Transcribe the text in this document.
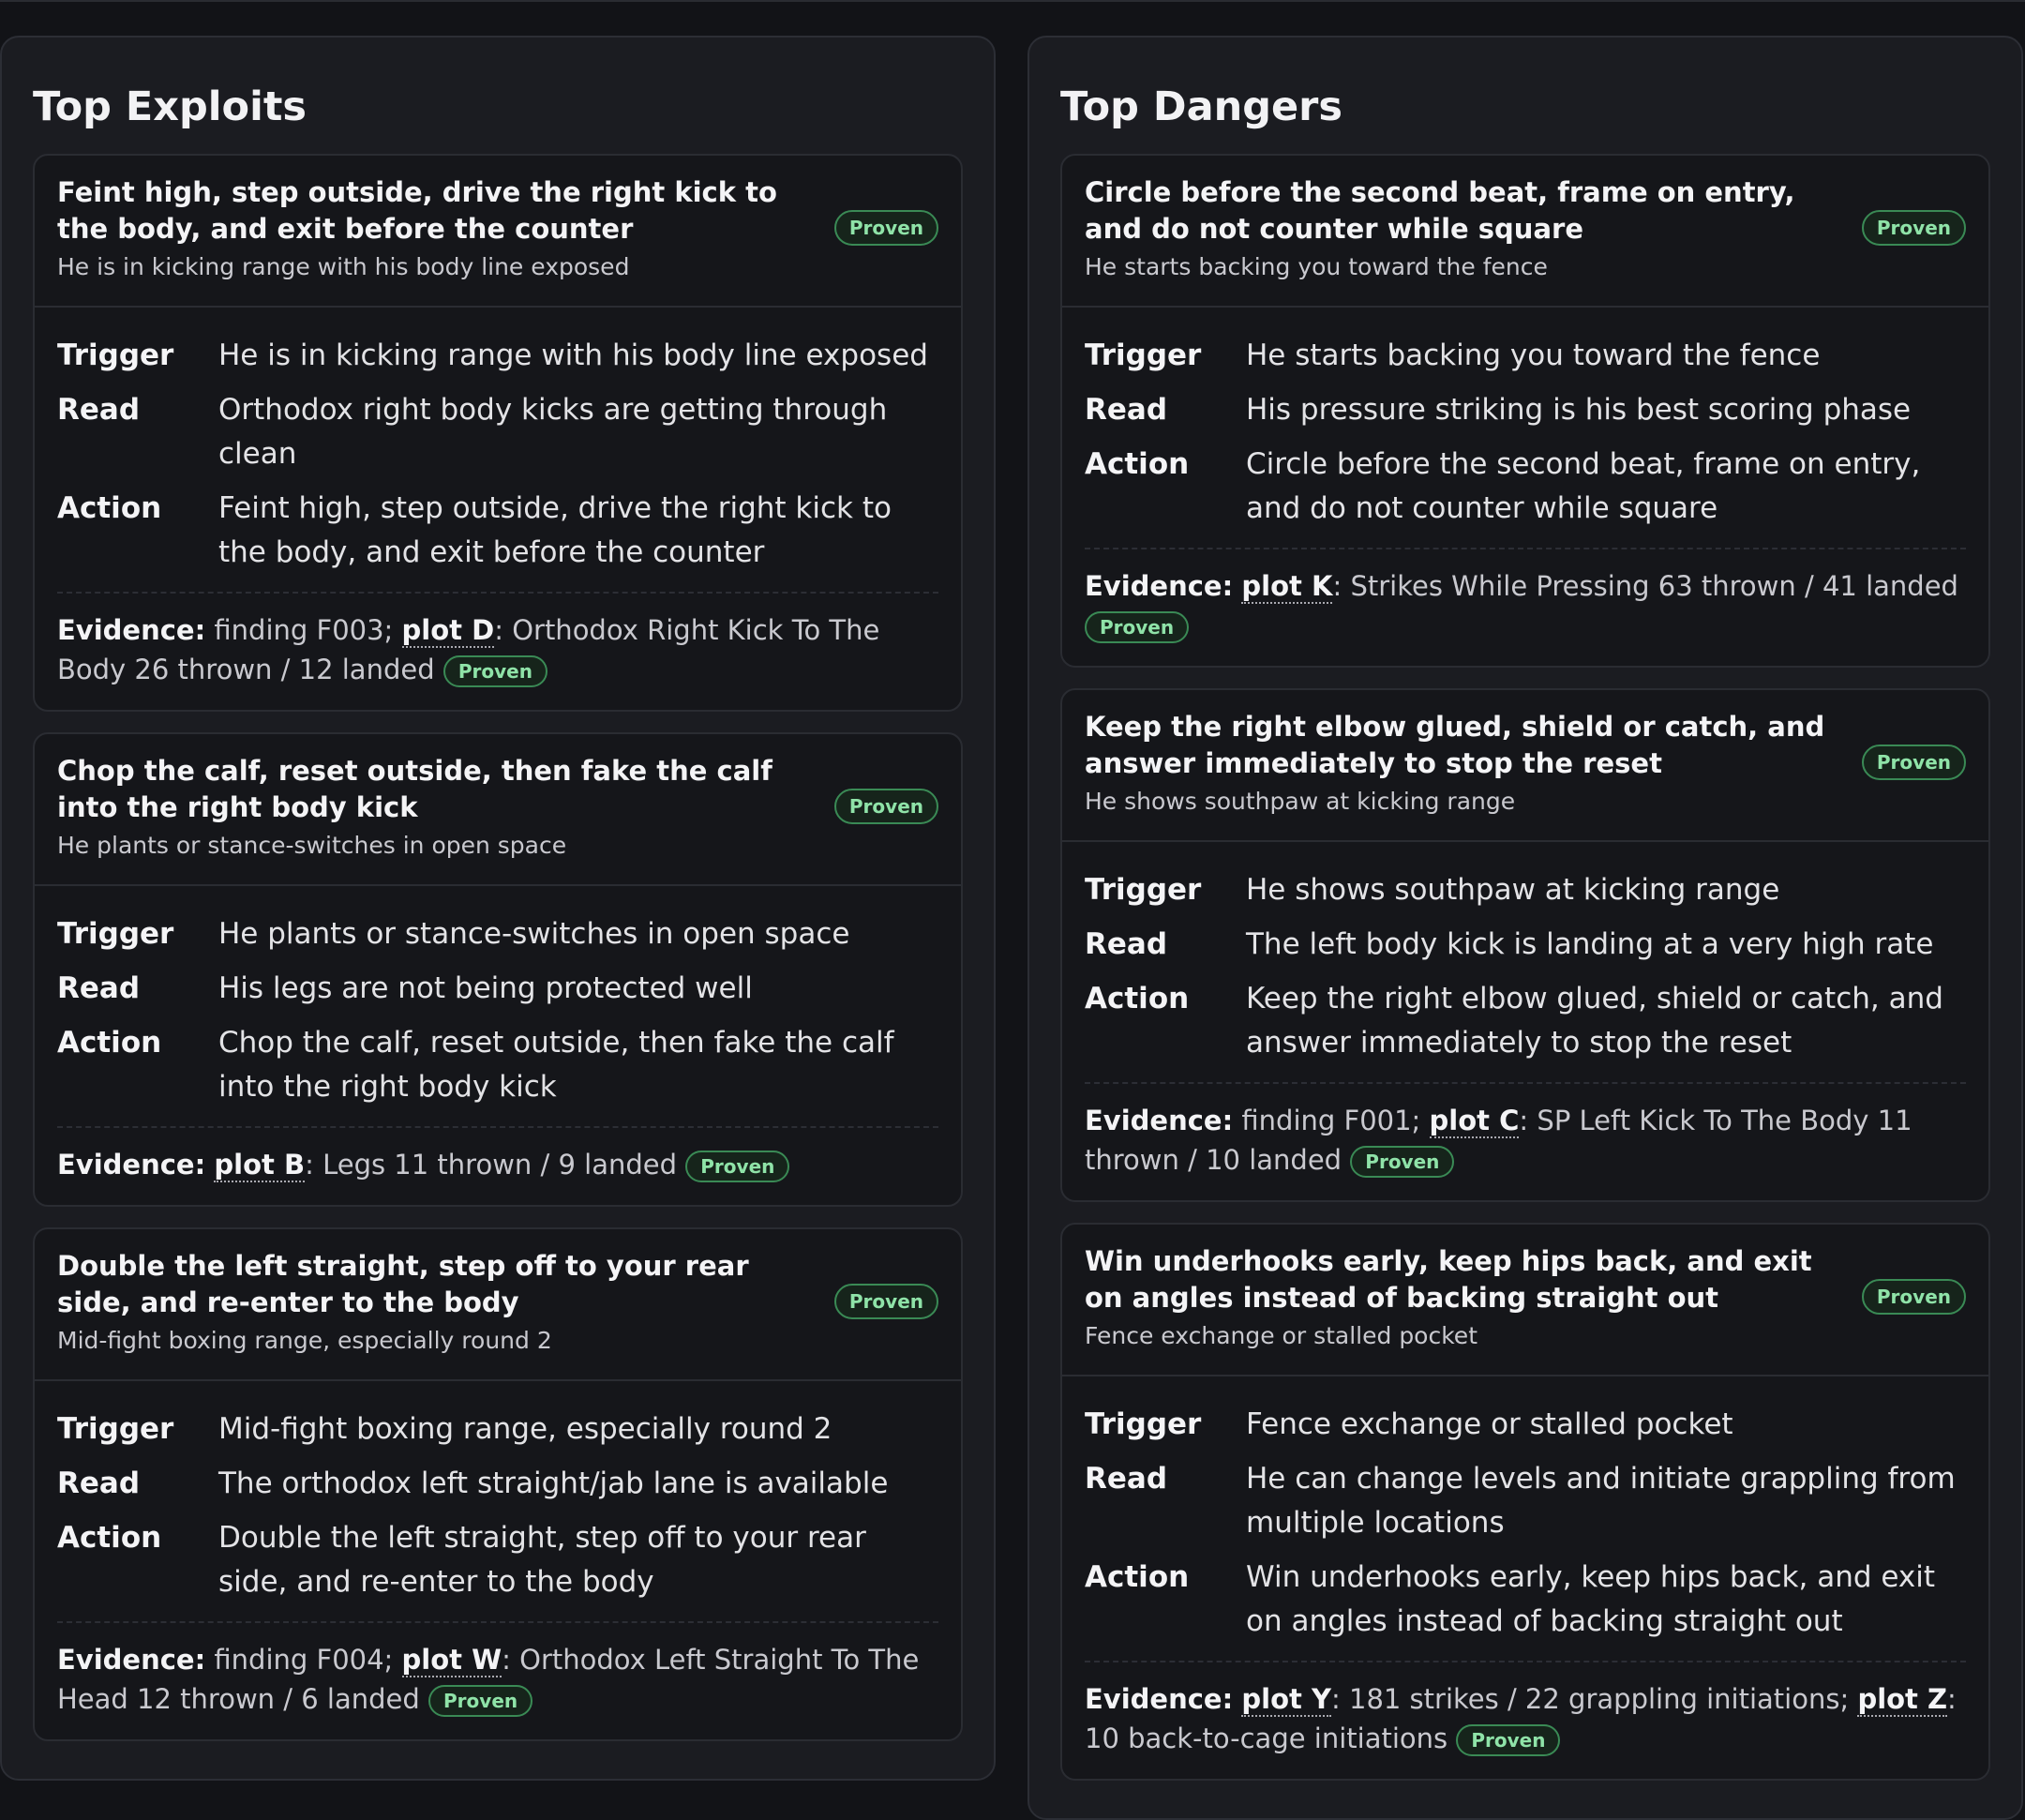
Top Exploits
Feint high, step outside, drive the right kick to the body, and exit before the counter
He is in kicking range with his body line exposed
Proven
Trigger	He is in kicking range with his body line exposed
Read	Orthodox right body kicks are getting through clean
Action	Feint high, step outside, drive the right kick to the body, and exit before the counter
Evidence: finding F003; plot D: Orthodox Right Kick To The Body 26 thrown / 12 landed Proven
Chop the calf, reset outside, then fake the calf into the right body kick
He plants or stance-switches in open space
Proven
Trigger	He plants or stance-switches in open space
Read	His legs are not being protected well
Action	Chop the calf, reset outside, then fake the calf into the right body kick
Evidence: plot B: Legs 11 thrown / 9 landed Proven
Double the left straight, step off to your rear side, and re-enter to the body
Mid-fight boxing range, especially round 2
Proven
Trigger	Mid-fight boxing range, especially round 2
Read	The orthodox left straight/jab lane is available
Action	Double the left straight, step off to your rear side, and re-enter to the body
Evidence: finding F004; plot W: Orthodox Left Straight To The Head 12 thrown / 6 landed Proven
Top Dangers
Circle before the second beat, frame on entry, and do not counter while square
He starts backing you toward the fence
Proven
Trigger	He starts backing you toward the fence
Read	His pressure striking is his best scoring phase
Action	Circle before the second beat, frame on entry, and do not counter while square
Evidence: plot K: Strikes While Pressing 63 thrown / 41 landed Proven
Keep the right elbow glued, shield or catch, and answer immediately to stop the reset
He shows southpaw at kicking range
Proven
Trigger	He shows southpaw at kicking range
Read	The left body kick is landing at a very high rate
Action	Keep the right elbow glued, shield or catch, and answer immediately to stop the reset
Evidence: finding F001; plot C: SP Left Kick To The Body 11 thrown / 10 landed Proven
Win underhooks early, keep hips back, and exit on angles instead of backing straight out
Fence exchange or stalled pocket
Proven
Trigger	Fence exchange or stalled pocket
Read	He can change levels and initiate grappling from multiple locations
Action	Win underhooks early, keep hips back, and exit on angles instead of backing straight out
Evidence: plot Y: 181 strikes / 22 grappling initiations; plot Z: 10 back-to-cage initiations Proven
